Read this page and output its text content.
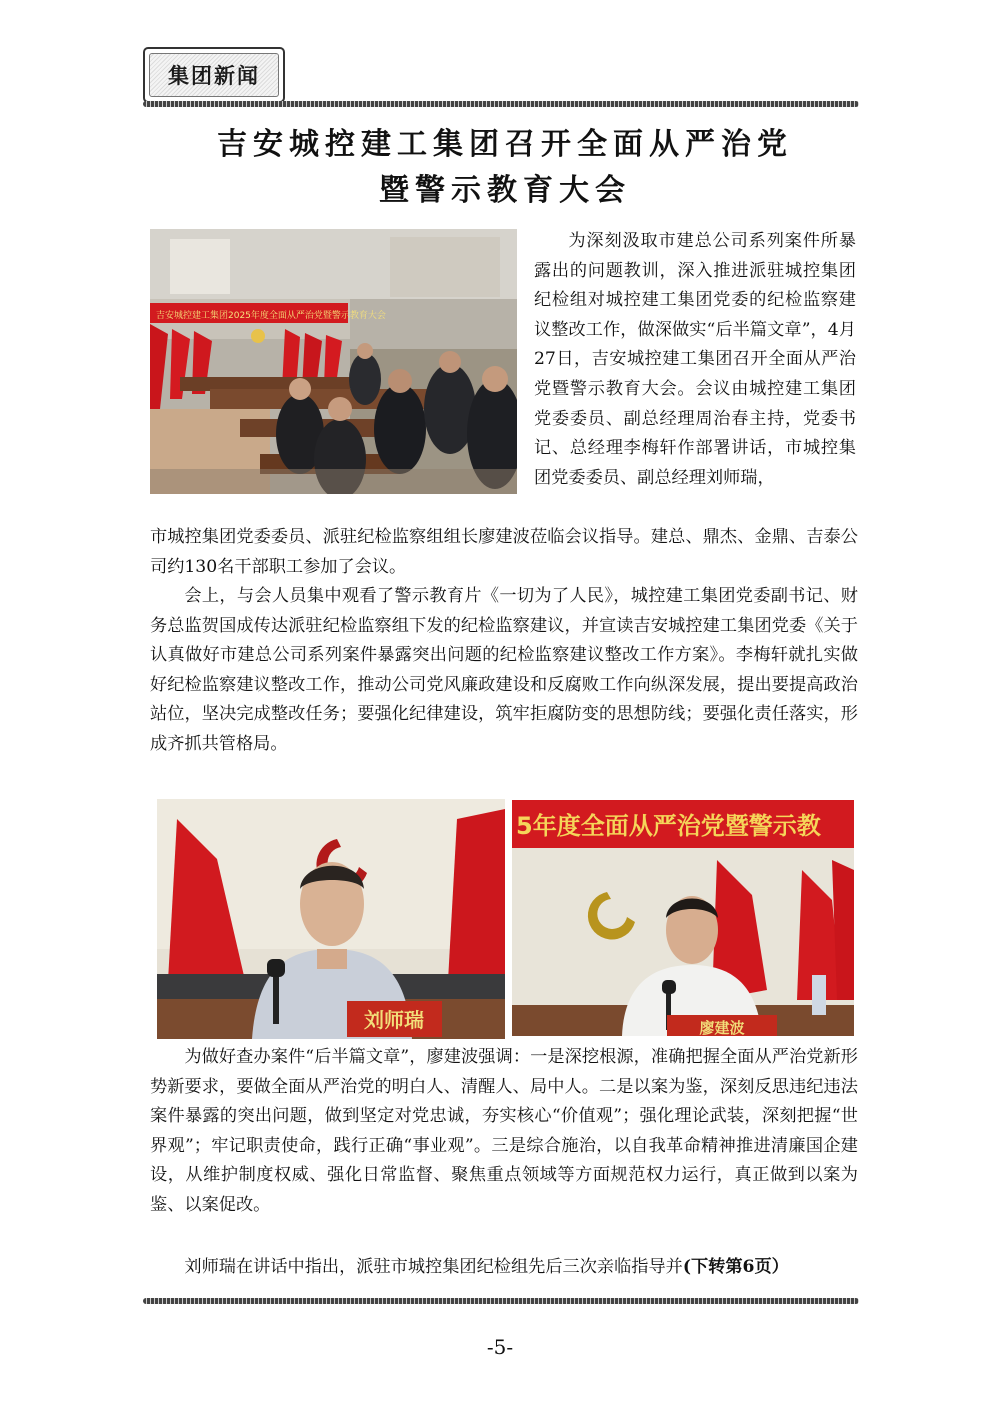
集团新闻
吉安城控建工集团召开全面从严治党
暨警示教育大会
吉安城控建工集团2025年度全面从严治党暨警示教育大会

为深刻汲取市建总公司系列案件所暴露出的问题教训，深入推进派驻城控集团纪检组对城控建工集团党委的纪检监察建议整改工作，做深做实“后半篇文章”，4月27日，吉安城控建工集团召开全面从严治党暨警示教育大会。会议由城控建工集团党委委员、副总经理周治春主持，党委书记、总经理李梅轩作部署讲话，市城控集团党委委员、副总经理刘师瑞，

市城控集团党委委员、派驻纪检监察组组长廖建波莅临会议指导。建总、鼎杰、金鼎、吉泰公司约130名干部职工参加了会议。

会上，与会人员集中观看了警示教育片《一切为了人民》，城控建工集团党委副书记、财务总监贺国成传达派驻纪检监察组下发的纪检监察建议，并宣读吉安城控建工集团党委《关于认真做好市建总公司系列案件暴露突出问题的纪检监察建议整改工作方案》。李梅轩就扎实做好纪检监察建议整改工作，推动公司党风廉政建设和反腐败工作向纵深发展，提出要提高政治站位，坚决完成整改任务；要强化纪律建设，筑牢拒腐防变的思想防线；要强化责任落实，形成齐抓共管格局。

刘师瑞
5年度全面从严治党暨警示教
廖建波

为做好查办案件“后半篇文章”，廖建波强调：一是深挖根源，准确把握全面从严治党新形势新要求，要做全面从严治党的明白人、清醒人、局中人。二是以案为鉴，深刻反思违纪违法案件暴露的突出问题，做到坚定对党忠诚，夯实核心“价值观”；强化理论武装，深刻把握“世界观”；牢记职责使命，践行正确“事业观”。三是综合施治，以自我革命精神推进清廉国企建设，从维护制度权威、强化日常监督、聚焦重点领域等方面规范权力运行，真正做到以案为鉴、以案促改。

刘师瑞在讲话中指出，派驻市城控集团纪检组先后三次亲临指导并(下转第6页）

-5-
